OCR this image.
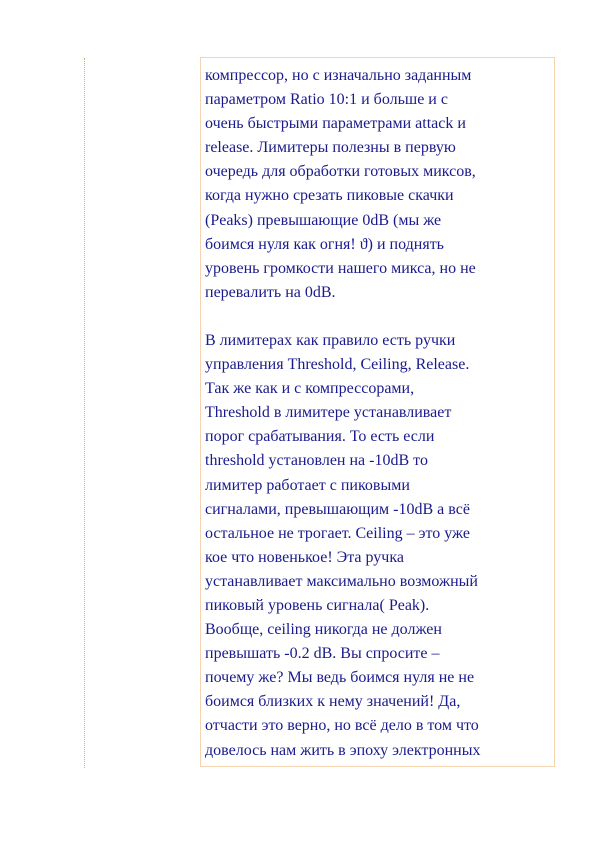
компрессор, но с изначально заданным
параметром Ratio 10:1 и больше и с
очень быстрыми параметрами attack и
release. Лимитеры полезны в первую
очередь для обработки готовых миксов,
когда нужно срезать пиковые скачки
(Peaks) превышающие 0dB (мы же
боимся нуля как огня! ϑ) и поднять
уровень громкости нашего микса, но не
перевалить на 0dB.

В лимитерах как правило есть ручки
управления Threshold, Ceiling, Release.
Так же как и с компрессорами,
Threshold в лимитере устанавливает
порог срабатывания. То есть если
threshold установлен на -10dB то
лимитер работает с пиковыми
сигналами, превышающим -10dB а всё
остальное не трогает. Ceiling – это уже
кое что новенькое! Эта ручка
устанавливает максимально возможный
пиковый уровень сигнала( Peak).
Вообще, ceiling никогда не должен
превышать -0.2 dB. Вы спросите –
почему же? Мы ведь боимся нуля не не
боимся близких к нему значений! Да,
отчасти это верно, но всё дело в том что
довелось нам жить в эпоху электронных
